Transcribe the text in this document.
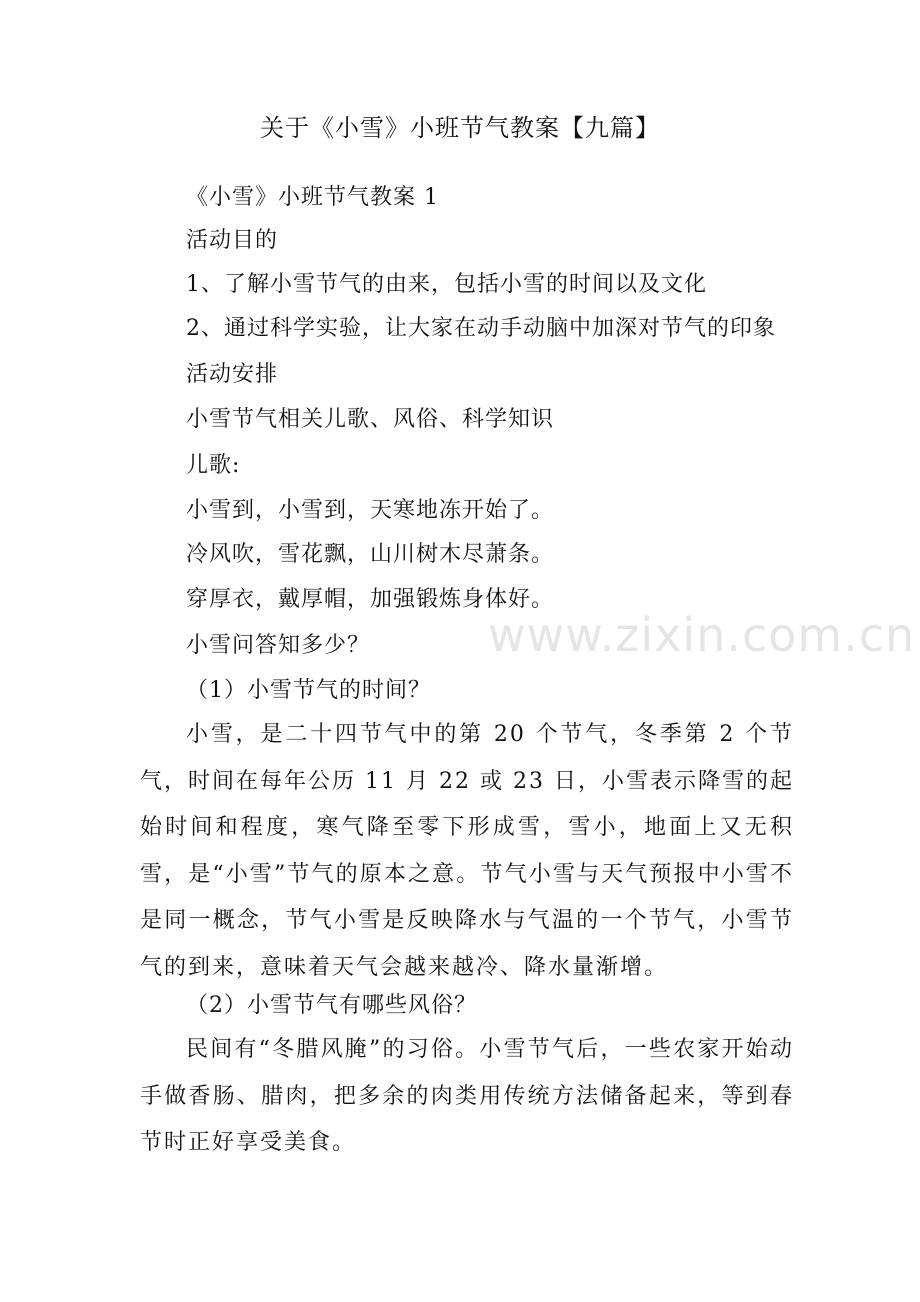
关于《小雪》小班节气教案【九篇】
《小雪》小班节气教案 1
活动目的
1、了解小雪节气的由来，包括小雪的时间以及文化
2、通过科学实验，让大家在动手动脑中加深对节气的印象
活动安排
小雪节气相关儿歌、风俗、科学知识
儿歌:
小雪到，小雪到，天寒地冻开始了。
冷风吹，雪花飘，山川树木尽萧条。
穿厚衣，戴厚帽，加强锻炼身体好。
小雪问答知多少？
（1）小雪节气的时间？
小雪，是二十四节气中的第 20 个节气，冬季第 2 个节气，时间在每年公历 11 月 22 或 23 日，小雪表示降雪的起始时间和程度，寒气降至零下形成雪，雪小，地面上又无积雪，是“小雪”节气的原本之意。节气小雪与天气预报中小雪不是同一概念，节气小雪是反映降水与气温的一个节气，小雪节气的到来，意味着天气会越来越冷、降水量渐增。
（2）小雪节气有哪些风俗？
民间有“冬腊风腌”的习俗。小雪节气后，一些农家开始动手做香肠、腊肉，把多余的肉类用传统方法储备起来，等到春节时正好享受美食。
www.zixin.com.cn
